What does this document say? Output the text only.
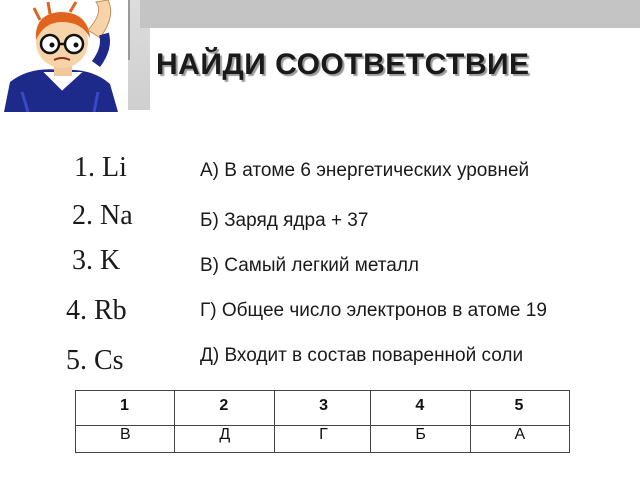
НАЙДИ СООТВЕТСТВИЕ
1. Li
2. Na
3. K
4. Rb
5. Cs
А) В атоме 6 энергетических уровней
Б) Заряд ядра + 37
В) Самый легкий металл
Г) Общее число электронов в атоме 19
Д) Входит в состав поваренной соли
1	2	3	4	5
В	Д	Г	Б	А
